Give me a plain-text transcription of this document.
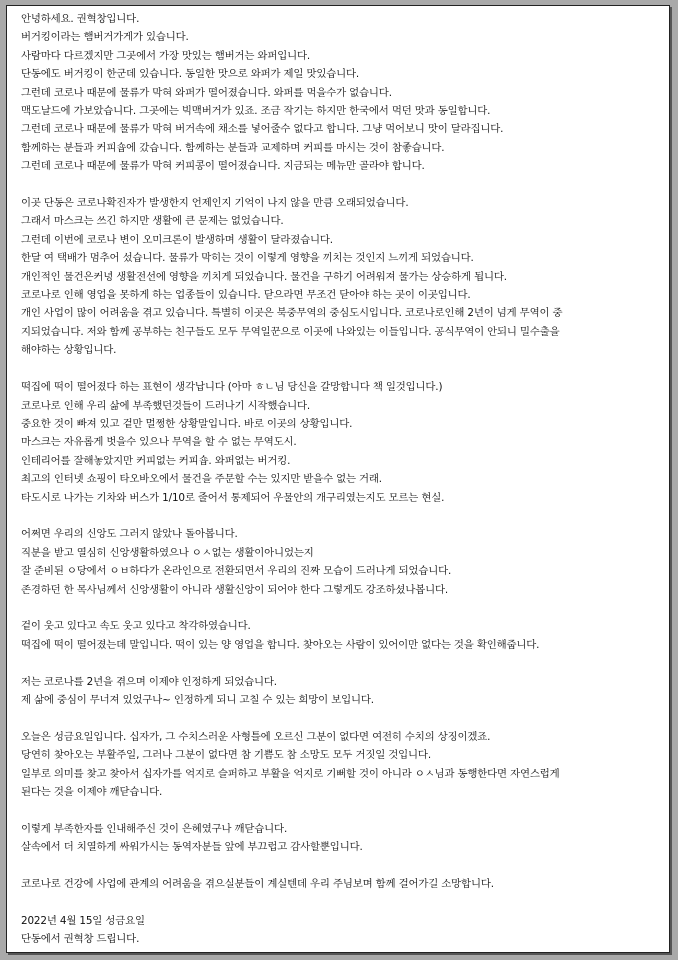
안녕하세요. 권혁창입니다.

버거킹이라는 햄버거가게가 있습니다.

사람마다 다르겠지만 그곳에서 가장 맛있는 햄버거는 와퍼입니다.

단동에도 버거킹이 한군데 있습니다. 동일한 맛으로 와퍼가 제일 맛있습니다.

그런데 코로나 때문에 물류가 막혀 와퍼가 떨어졌습니다. 와퍼를 먹을수가 없습니다.

맥도날드에 가보았습니다. 그곳에는 빅맥버거가 있죠. 조금 작기는 하지만 한국에서 먹던 맛과 동일합니다.

그런데 코로나 때문에 물류가 막혀 버거속에 채소를 넣어줄수 없다고 합니다. 그냥 먹어보니 맛이 달라집니다.

함께하는 분들과 커피숍에 갔습니다. 함께하는 분들과 교제하며 커피를 마시는 것이 참좋습니다.

그런데 코로나 때문에 물류가 막혀 커피콩이 떨어졌습니다. 지금되는 메뉴만 골라야 합니다.

이곳 단동은 코로나확진자가 발생한지 언제인지 기억이 나지 않을 만큼 오래되었습니다.

그래서 마스크는 쓰긴 하지만 생활에 큰 문제는 없었습니다.

그런데 이번에 코로나 변이 오미크론이 발생하며 생활이 달라졌습니다.

한달 여 택배가 멈추어 섰습니다. 물류가 막히는 것이 이렇게 영향을 끼치는 것인지 느끼게 되었습니다.

개인적인 물건은커녕 생활전선에 영향을 끼치게 되었습니다. 물건을 구하기 어려워져 물가는 상승하게 됩니다.

코로나로 인해 영업을 못하게 하는 업종들이 있습니다. 닫으라면 무조건 닫아야 하는 곳이 이곳입니다.

개인 사업이 많이 어려움을 겪고 있습니다. 특별히 이곳은 북중무역의 중심도시입니다. 코로나로인해 2년이 넘게 무역이 중

지되었습니다. 저와 함께 공부하는 친구들도 모두 무역일꾼으로 이곳에 나와있는 이들입니다. 공식무역이 안되니 밀수출을

해야하는 상황입니다.

떡집에 떡이 떨어졌다 하는 표현이 생각납니다 (아마 ㅎㄴ님 당신을 갈망합니다 책 일것입니다.)

코로나로 인해 우리 삶에 부족했던것들이 드러나기 시작했습니다.

중요한 것이 빠져 있고 겉만 멀쩡한 상황말입니다. 바로 이곳의 상황입니다.

마스크는 자유롭게 벗을수 있으나 무역을 할 수 없는 무역도시.

인테리어를 잘해놓았지만 커피없는 커피숍. 와퍼없는 버거킹.

최고의 인터넷 쇼핑이 타오바오에서 물건을 주문할 수는 있지만 받을수 없는 거래.

타도시로 나가는 기차와 버스가 1/10로 줄어서 통제되어 우물안의 개구리였는지도 모르는 현실.

어쩌면 우리의 신앙도 그러지 않았나 돌아봅니다.

직분을 받고 열심히 신앙생활하였으나 ㅇㅅ없는 생활이아니었는지

잘 준비된 ㅇ당에서 ㅇㅂ하다가 온라인으로 전환되면서 우리의 진짜 모습이 드러나게 되었습니다.

존경하던 한 목사님께서 신앙생활이 아니라 생활신앙이 되어야 한다 그렇게도 강조하셨나봅니다.

겉이 웃고 있다고 속도 웃고 있다고 착각하였습니다.

떡집에 떡이 떨어졌는데 말입니다. 떡이 있는 양 영업을 합니다. 찾아오는 사람이 있어이만 없다는 것을 확인해줍니다.

저는 코로나를 2년을 겪으며 이제야 인정하게 되었습니다.

제 삶에 중심이 무너져 있었구나~ 인정하게 되니 고칠 수 있는 희망이 보입니다.

오늘은 성금요일입니다. 십자가, 그 수치스러운 사형틀에 오르신 그분이 없다면 여전히 수치의 상징이겠죠.

당연히 찾아오는 부활주일, 그러나 그분이 없다면 참 기쁨도 참 소망도 모두 거짓일 것입니다.

일부로 의미를 찾고 찾아서 십자가를 억지로 슬퍼하고 부활을 억지로 기뻐할 것이 아니라 ㅇㅅ님과 동행한다면 자연스럽게

된다는 것을 이제야 깨닫습니다.

이렇게 부족한자를 인내해주신 것이 은혜였구나 깨닫습니다.

살속에서 더 치열하게 싸워가시는 동역자분들 앞에 부끄럽고 감사할뿐입니다.

코로나로 건강에 사업에 관계의 어려움을 겪으실분들이 계실텐데 우리 주님보며 함께 걸어가길 소망합니다.

2022년 4월 15일 성금요일

단동에서 권혁창 드립니다.
